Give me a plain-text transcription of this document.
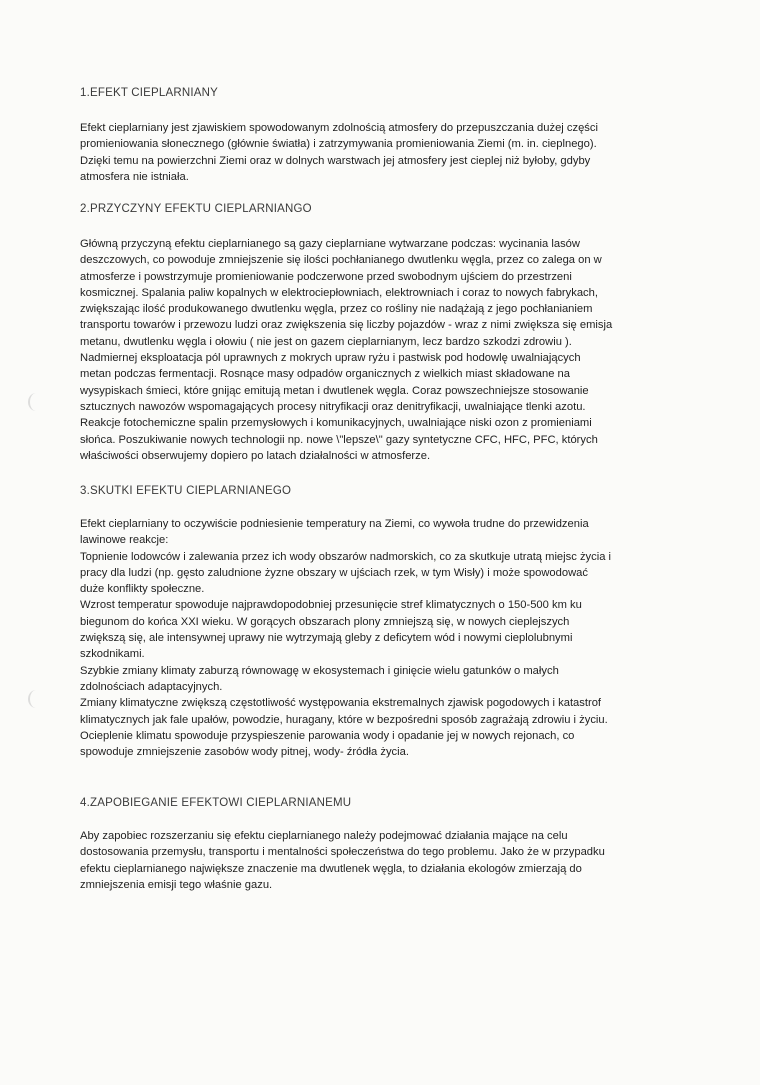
1.EFEKT CIEPLARNIANY
Efekt cieplarniany jest zjawiskiem spowodowanym zdolnością atmosfery do przepuszczania dużej części
promieniowania słonecznego (głównie światła) i zatrzymywania promieniowania Ziemi (m. in. cieplnego).
Dzięki temu na powierzchni Ziemi oraz w dolnych warstwach jej atmosfery jest cieplej niż byłoby, gdyby
atmosfera nie istniała.
2.PRZYCZYNY EFEKTU CIEPLARNIANGO
Główną przyczyną efektu cieplarnianego są gazy cieplarniane wytwarzane podczas: wycinania lasów
deszczowych, co powoduje zmniejszenie się ilości pochłanianego dwutlenku węgla, przez co zalega on w
atmosferze i powstrzymuje promieniowanie podczerwone przed swobodnym ujściem do przestrzeni
kosmicznej. Spalania paliw kopalnych w elektrociepłowniach, elektrowniach i coraz to nowych fabrykach,
zwiększając ilość produkowanego dwutlenku węgla, przez co rośliny nie nadążają z jego pochłanianiem
transportu towarów i przewozu ludzi oraz zwiększenia się liczby pojazdów - wraz z nimi zwiększa się emisja
metanu, dwutlenku węgla i ołowiu ( nie jest on gazem cieplarnianym, lecz bardzo szkodzi zdrowiu ).
Nadmiernej eksploatacja pól uprawnych z mokrych upraw ryżu i pastwisk pod hodowlę uwalniających
metan podczas fermentacji. Rosnące masy odpadów organicznych z wielkich miast składowane na
wysypiskach śmieci, które gnijąc emitują metan i dwutlenek węgla. Coraz powszechniejsze stosowanie
sztucznych nawozów wspomagających procesy nitryfikacji oraz denitryfikacji, uwalniające tlenki azotu.
Reakcje fotochemiczne spalin przemysłowych i komunikacyjnych, uwalniające niski ozon z promieniami
słońca. Poszukiwanie nowych technologii np. nowe \"lepsze\" gazy syntetyczne CFC, HFC, PFC, których
właściwości obserwujemy dopiero po latach działalności w atmosferze.
3.SKUTKI EFEKTU CIEPLARNIANEGO
Efekt cieplarniany to oczywiście podniesienie temperatury na Ziemi, co wywoła trudne do przewidzenia
lawinowe reakcje:
Topnienie lodowców i zalewania przez ich wody obszarów nadmorskich, co za skutkuje utratą miejsc życia i
pracy dla ludzi (np. gęsto zaludnione żyzne obszary w ujściach rzek, w tym Wisły) i może spowodować
duże konflikty społeczne.
Wzrost temperatur spowoduje najprawdopodobniej przesunięcie stref klimatycznych o 150-500 km ku
biegunom do końca XXI wieku. W gorących obszarach plony zmniejszą się, w nowych cieplejszych
zwiększą się, ale intensywnej uprawy nie wytrzymają gleby z deficytem wód i nowymi cieplolubnymi
szkodnikami.
Szybkie zmiany klimaty zaburzą równowagę w ekosystemach i ginięcie wielu gatunków o małych
zdolnościach adaptacyjnych.
Zmiany klimatyczne zwiększą częstotliwość występowania ekstremalnych zjawisk pogodowych i katastrof
klimatycznych jak fale upałów, powodzie, huragany, które w bezpośredni sposób zagrażają zdrowiu i życiu.
Ocieplenie klimatu spowoduje przyspieszenie parowania wody i opadanie jej w nowych rejonach, co
spowoduje zmniejszenie zasobów wody pitnej, wody- źródła życia.
4.ZAPOBIEGANIE EFEKTOWI CIEPLARNIANEMU
Aby zapobiec rozszerzaniu się efektu cieplarnianego należy podejmować działania mające na celu
dostosowania przemysłu, transportu i mentalności społeczeństwa do tego problemu. Jako że w przypadku
efektu cieplarnianego największe znaczenie ma dwutlenek węgla, to działania ekologów zmierzają do
zmniejszenia emisji tego właśnie gazu.
